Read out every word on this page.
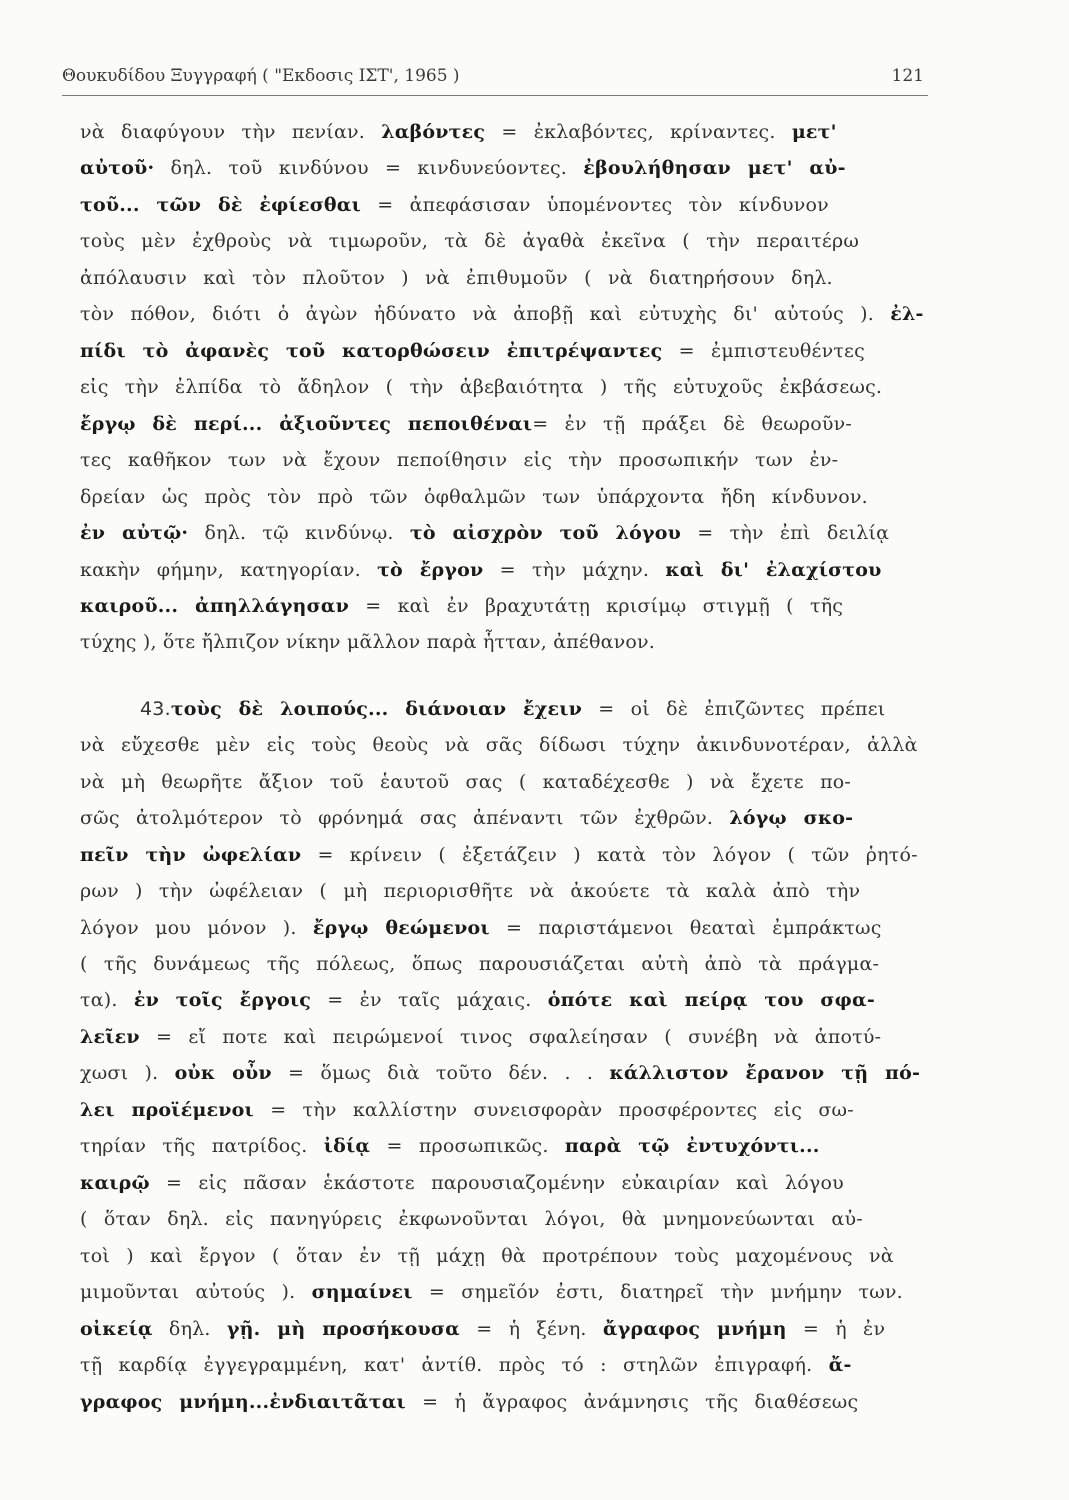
Θουκυδίδου Ξυγγραφή ( "Εκδοσις ΙΣΤ', 1965 )	121
νὰ διαφύγουν τὴν πενίαν. λαβόντες = ἐκλαβόντες, κρίναντες. μετ'
αὐτοῦ· δηλ. τοῦ κινδύνου = κινδυνεύοντες. ἐβουλήθησαν μετ' αὐ-
τοῦ... τῶν δὲ ἐφίεσθαι = ἀπεφάσισαν ὑπομένοντες τὸν κίνδυνον
τοὺς μὲν ἐχθροὺς νὰ τιμωροῦν, τὰ δὲ ἀγαθὰ ἐκεῖνα ( τὴν περαιτέρω
ἀπόλαυσιν καὶ τὸν πλοῦτον ) νὰ ἐπιθυμοῦν ( νὰ διατηρήσουν δηλ.
τὸν πόθον, διότι ὁ ἀγὼν ἠδύνατο νὰ ἀποβῇ καὶ εὐτυχὴς δι' αὐτούς ). ἐλ-
πίδι τὸ ἀφανὲς τοῦ κατορθώσειν ἐπιτρέψαντες = ἐμπιστευθέντες
εἰς τὴν ἐλπίδα τὸ ἄδηλον ( τὴν ἀβεβαιότητα ) τῆς εὐτυχοῦς ἐκβάσεως.
ἔργῳ δὲ περί... ἀξιοῦντες πεποιθέναι= ἐν τῇ πράξει δὲ θεωροῦν-
τες καθῆκον των νὰ ἔχουν πεποίθησιν εἰς τὴν προσωπικήν των ἐν-
δρείαν ὡς πρὸς τὸν πρὸ τῶν ὀφθαλμῶν των ὑπάρχοντα ἤδη κίνδυνον.
ἐν αὐτῷ· δηλ. τῷ κινδύνῳ. τὸ αἰσχρὸν τοῦ λόγου = τὴν ἐπὶ δειλίᾳ
κακὴν φήμην, κατηγορίαν. τὸ ἔργον = τὴν μάχην. καὶ δι' ἐλαχίστου
καιροῦ... ἀπηλλάγησαν = καὶ ἐν βραχυτάτῃ κρισίμῳ στιγμῇ ( τῆς
τύχης ), ὅτε ἤλπιζον νίκην μᾶλλον παρὰ ἧτταν, ἀπέθανον.
43.τοὺς δὲ λοιπούς... διάνοιαν ἔχειν = οἱ δὲ ἐπιζῶντες πρέπει
νὰ εὔχεσθε μὲν εἰς τοὺς θεοὺς νὰ σᾶς δίδωσι τύχην ἀκινδυνοτέραν, ἀλλὰ
νὰ μὴ θεωρῆτε ἄξιον τοῦ ἑαυτοῦ σας ( καταδέχεσθε ) νὰ ἔχετε πο-
σῶς ἀτολμότερον τὸ φρόνημά σας ἀπέναντι τῶν ἐχθρῶν. λόγῳ σκο-
πεῖν τὴν ὠφελίαν = κρίνειν ( ἐξετάζειν ) κατὰ τὸν λόγον ( τῶν ῥητό-
ρων ) τὴν ὠφέλειαν ( μὴ περιορισθῆτε νὰ ἀκούετε τὰ καλὰ ἀπὸ τὴν
λόγον μου μόνον ). ἔργῳ θεώμενοι = παριστάμενοι θεαταὶ ἐμπράκτως
( τῆς δυνάμεως τῆς πόλεως, ὅπως παρουσιάζεται αὐτὴ ἀπὸ τὰ πράγμα-
τα). ἐν τοῖς ἔργοις = ἐν ταῖς μάχαις. ὁπότε καὶ πείρᾳ του σφα-
λεῖεν = εἴ ποτε καὶ πειρώμενοί τινος σφαλείησαν ( συνέβη νὰ ἀποτύ-
χωσι ). οὐκ οὖν = ὅμως διὰ τοῦτο δέν. . . κάλλιστον ἔρανον τῇ πό-
λει προϊέμενοι = τὴν καλλίστην συνεισφορὰν προσφέροντες εἰς σω-
τηρίαν τῆς πατρίδος. ἰδίᾳ = προσωπικῶς. παρὰ τῷ ἐντυχόντι...
καιρῷ = εἰς πᾶσαν ἑκάστοτε παρουσιαζομένην εὐκαιρίαν καὶ λόγου
( ὅταν δηλ. εἰς πανηγύρεις ἐκφωνοῦνται λόγοι, θὰ μνημονεύωνται αὐ-
τοὶ ) καὶ ἔργον ( ὅταν ἐν τῇ μάχῃ θὰ προτρέπουν τοὺς μαχομένους νὰ
μιμοῦνται αὐτούς ). σημαίνει = σημεῖόν ἐστι, διατηρεῖ τὴν μνήμην των.
οἰκείᾳ δηλ. γῇ. μὴ προσήκουσα = ἡ ξένη. ἄγραφος μνήμη = ἡ ἐν
τῇ καρδίᾳ ἐγγεγραμμένη, κατ' ἀντίθ. πρὸς τό : στηλῶν ἐπιγραφή. ἄ-
γραφος μνήμη...ἐνδιαιτᾶται = ἡ ἄγραφος ἀνάμνησις τῆς διαθέσεως
